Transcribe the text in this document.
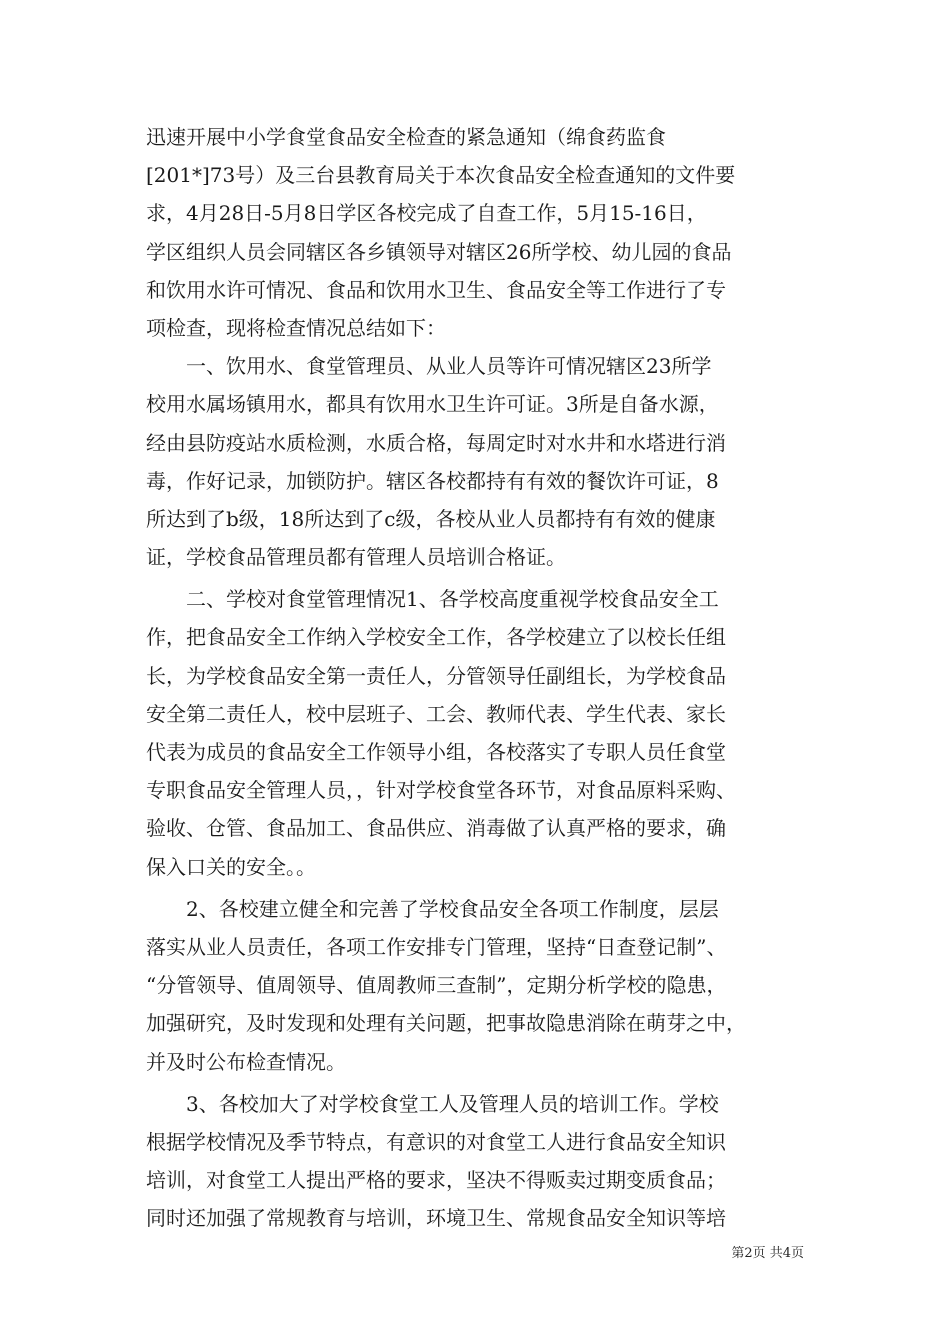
迅速开展中小学食堂食品安全检查的紧急通知（绵食药监食
[201*]73号）及三台县教育局关于本次食品安全检查通知的文件要
求，4月28日-5月8日学区各校完成了自查工作，5月15-16日，
学区组织人员会同辖区各乡镇领导对辖区26所学校、幼儿园的食品
和饮用水许可情况、食品和饮用水卫生、食品安全等工作进行了专
项检查，现将检查情况总结如下：
　　一、饮用水、食堂管理员、从业人员等许可情况辖区23所学
校用水属场镇用水，都具有饮用水卫生许可证。3所是自备水源，
经由县防疫站水质检测，水质合格，每周定时对水井和水塔进行消
毒，作好记录，加锁防护。辖区各校都持有有效的餐饮许可证，8
所达到了b级，18所达到了c级，各校从业人员都持有有效的健康
证，学校食品管理员都有管理人员培训合格证。
　　二、学校对食堂管理情况1、各学校高度重视学校食品安全工
作，把食品安全工作纳入学校安全工作，各学校建立了以校长任组
长，为学校食品安全第一责任人，分管领导任副组长，为学校食品
安全第二责任人，校中层班子、工会、教师代表、学生代表、家长
代表为成员的食品安全工作领导小组，各校落实了专职人员任食堂
专职食品安全管理人员，，针对学校食堂各环节，对食品原料采购、
验收、仓管、食品加工、食品供应、消毒做了认真严格的要求，确
保入口关的安全。。
　　2、各校建立健全和完善了学校食品安全各项工作制度，层层
落实从业人员责任，各项工作安排专门管理，坚持“日查登记制”、
“分管领导、值周领导、值周教师三查制”，定期分析学校的隐患，
加强研究，及时发现和处理有关问题，把事故隐患消除在萌芽之中，
并及时公布检查情况。
　　3、各校加大了对学校食堂工人及管理人员的培训工作。学校
根据学校情况及季节特点，有意识的对食堂工人进行食品安全知识
培训，对食堂工人提出严格的要求，坚决不得贩卖过期变质食品；
同时还加强了常规教育与培训，环境卫生、常规食品安全知识等培
第2页 共4页
